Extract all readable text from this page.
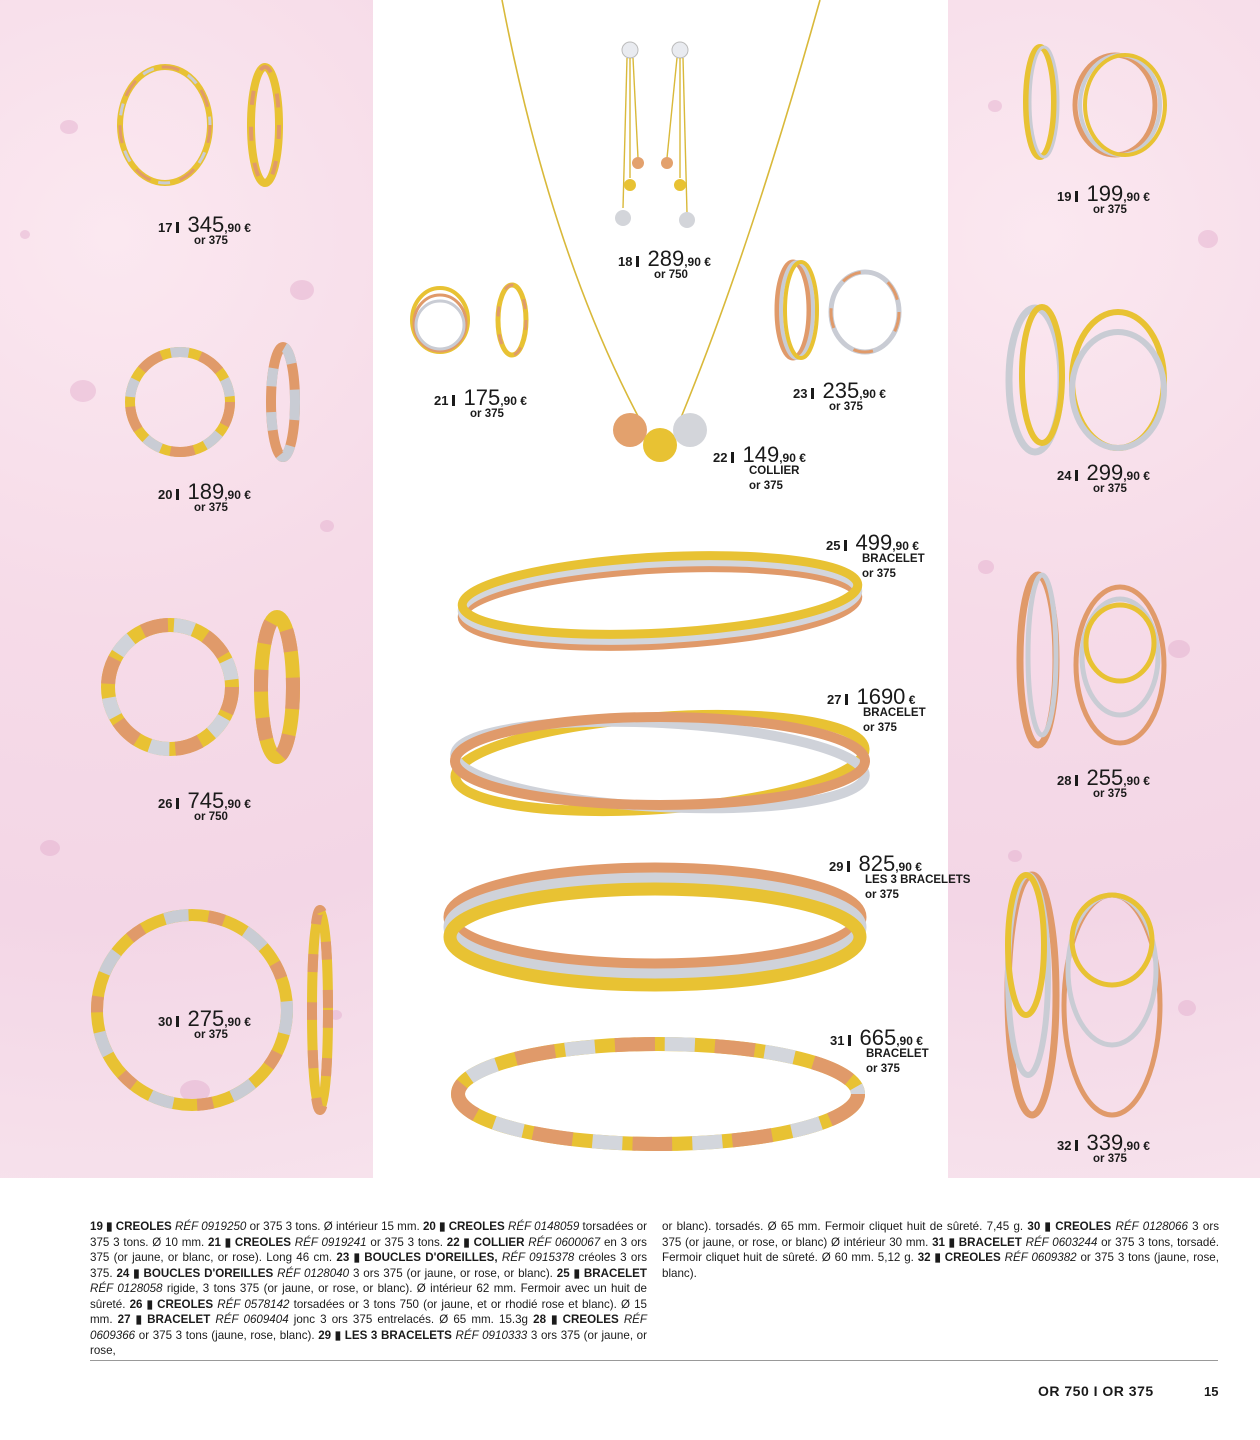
17 345,90 €
or 375
18 289,90 €
or 750
19 199,90 €
or 375
20 189,90 €
or 375
21 175,90 €
or 375
22 149,90 €
COLLIER
or 375
23 235,90 €
or 375
24 299,90 €
or 375
25 499,90 €
BRACELET
or 375
26 745,90 €
or 750
27 1690 €
BRACELET
or 375
28 255,90 €
or 375
29 825,90 €
LES 3 BRACELETS
or 375
30 275,90 €
or 375	31 665,90 €
BRACELET
or 375
32 339,90 €
or 375
19 ▮ CREOLES RÉF 0919250 or 375 3 tons. Ø intérieur 15 mm. 20 ▮ CREOLES RÉF 0148059 torsadées or 375 3 tons. Ø 10 mm. 21 ▮ CREOLES RÉF 0919241 or 375 3 tons. 22 ▮ COLLIER RÉF 0600067 en 3 ors 375 (or jaune, or blanc, or rose). Long 46 cm. 23 ▮ BOUCLES D'OREILLES, RÉF 0915378 créoles 3 ors 375. 24 ▮ BOUCLES D'OREILLES RÉF 0128040 3 ors 375 (or jaune, or rose, or blanc). 25 ▮ BRACELET RÉF 0128058 rigide, 3 tons 375 (or jaune, or rose, or blanc). Ø intérieur 62 mm. Fermoir avec un huit de sûreté. 26 ▮ CREOLES RÉF 0578142 torsadées or 3 tons 750 (or jaune, et or rhodié rose et blanc). Ø 15 mm. 27 ▮ BRACELET RÉF 0609404 jonc 3 ors 375 entrelacés. Ø 65 mm. 15.3g 28 ▮ CREOLES RÉF 0609366 or 375 3 tons (jaune, rose, blanc). 29 ▮ LES 3 BRACELETS RÉF 0910333 3 ors 375 (or jaune, or rose,
or blanc). torsadés. Ø 65 mm. Fermoir cliquet huit de sûreté. 7,45 g. 30 ▮ CREOLES RÉF 0128066 3 ors 375 (or jaune, or rose, or blanc) Ø intérieur 30 mm. 31 ▮ BRACELET RÉF 0603244 or 375 3 tons, torsadé. Fermoir cliquet huit de sûreté. Ø 60 mm. 5,12 g. 32 ▮ CREOLES RÉF 0609382 or 375 3 tons (jaune, rose, blanc).
OR 750 I OR 375	15
